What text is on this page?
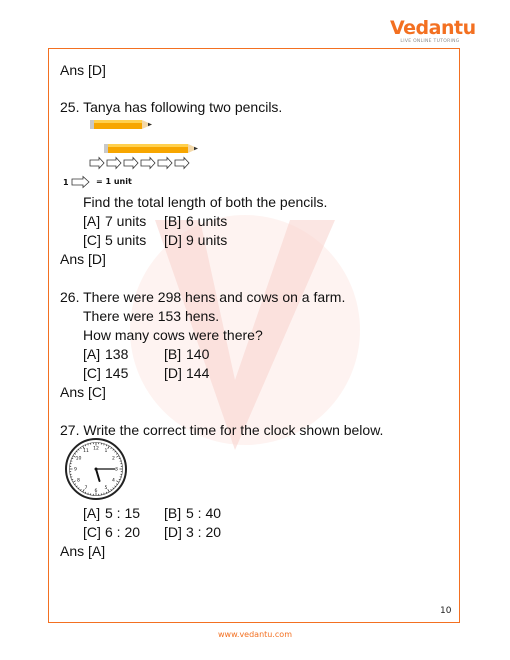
Vedantu
LIVE ONLINE TUTORING
Ans [D]
25. Tanya has following two pencils.
1	= 1 unit
Find the total length of both the pencils.
[A] 7 units [B] 6 units
[C] 5 units [D] 9 units
Ans [D]
26. There were 298 hens and cows on a farm.
There were 153 hens.
How many cows were there?
[A] 138	[B] 140
[C] 145	[D] 144
Ans [C]
27. Write the correct time for the clock shown below.
12 1
2
3
4
5
6
7
8
9
10
11
[A] 5 : 15 [B] 5 : 40
[C] 6 : 20 [D] 3 : 20
Ans [A]
10
www.vedantu.com
